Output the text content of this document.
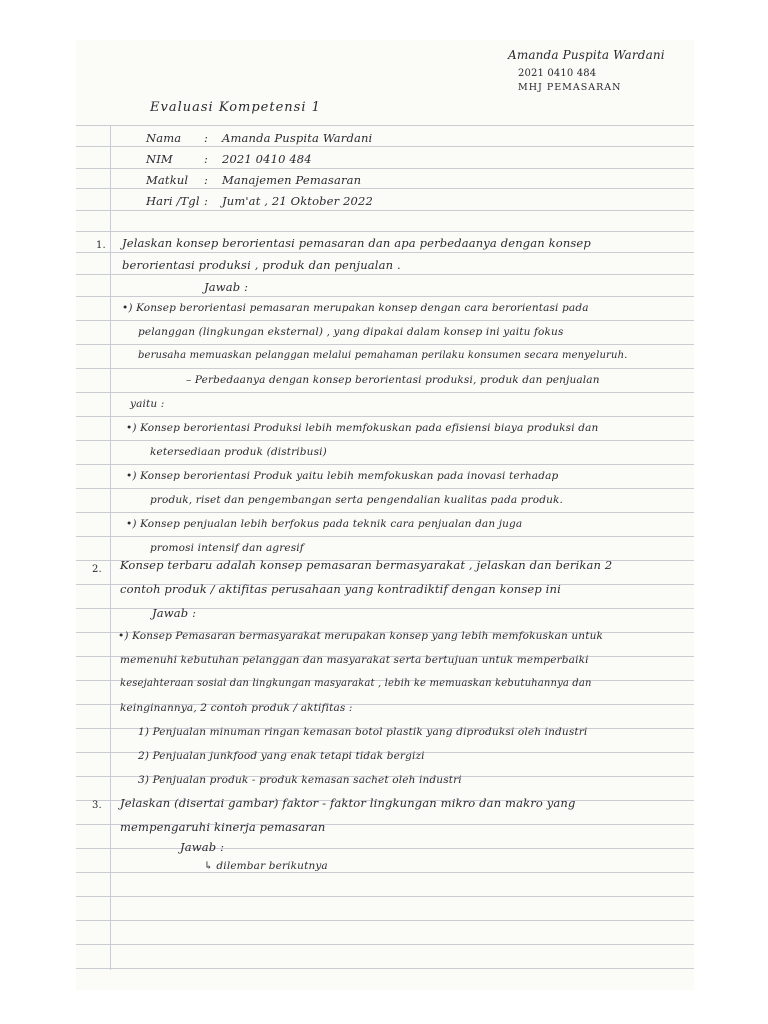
Amanda Puspita Wardani
2021 0410 484
MHJ PEMASARAN
Evaluasi Kompetensi 1
Nama : Amanda Puspita Wardani
NIM	: 2021 0410 484
Matkul : Manajemen Pemasaran
Hari /Tgl : Jum'at , 21 Oktober 2022
1. Jelaskan konsep berorientasi pemasaran dan apa perbedaanya dengan konsep
berorientasi produksi , produk dan penjualan .
Jawab :
•) Konsep berorientasi pemasaran merupakan konsep dengan cara berorientasi pada
pelanggan (lingkungan eksternal) , yang dipakai dalam konsep ini yaitu fokus
berusaha memuaskan pelanggan melalui pemahaman perilaku konsumen secara menyeluruh.
– Perbedaanya dengan konsep berorientasi produksi, produk dan penjualan
yaitu :
•) Konsep berorientasi Produksi lebih memfokuskan pada efisiensi biaya produksi dan
ketersediaan produk (distribusi)
•) Konsep berorientasi Produk yaitu lebih memfokuskan pada inovasi terhadap
produk, riset dan pengembangan serta pengendalian kualitas pada produk.
•) Konsep penjualan lebih berfokus pada teknik cara penjualan dan juga
promosi intensif dan agresif
2. Konsep terbaru adalah konsep pemasaran bermasyarakat , jelaskan dan berikan 2
contoh produk / aktifitas perusahaan yang kontradiktif dengan konsep ini
Jawab :
•) Konsep Pemasaran bermasyarakat merupakan konsep yang lebih memfokuskan untuk
memenuhi kebutuhan pelanggan dan masyarakat serta bertujuan untuk memperbaiki
kesejahteraan sosial dan lingkungan masyarakat , lebih ke memuaskan kebutuhannya dan
keinginannya, 2 contoh produk / aktifitas :
1) Penjualan minuman ringan kemasan botol plastik yang diproduksi oleh industri
2) Penjualan junkfood yang enak tetapi tidak bergizi
3) Penjualan produk - produk kemasan sachet oleh industri
3. Jelaskan (disertai gambar) faktor - faktor lingkungan mikro dan makro yang
mempengaruhi kinerja pemasaran
Jawab :
↳ dilembar berikutnya
